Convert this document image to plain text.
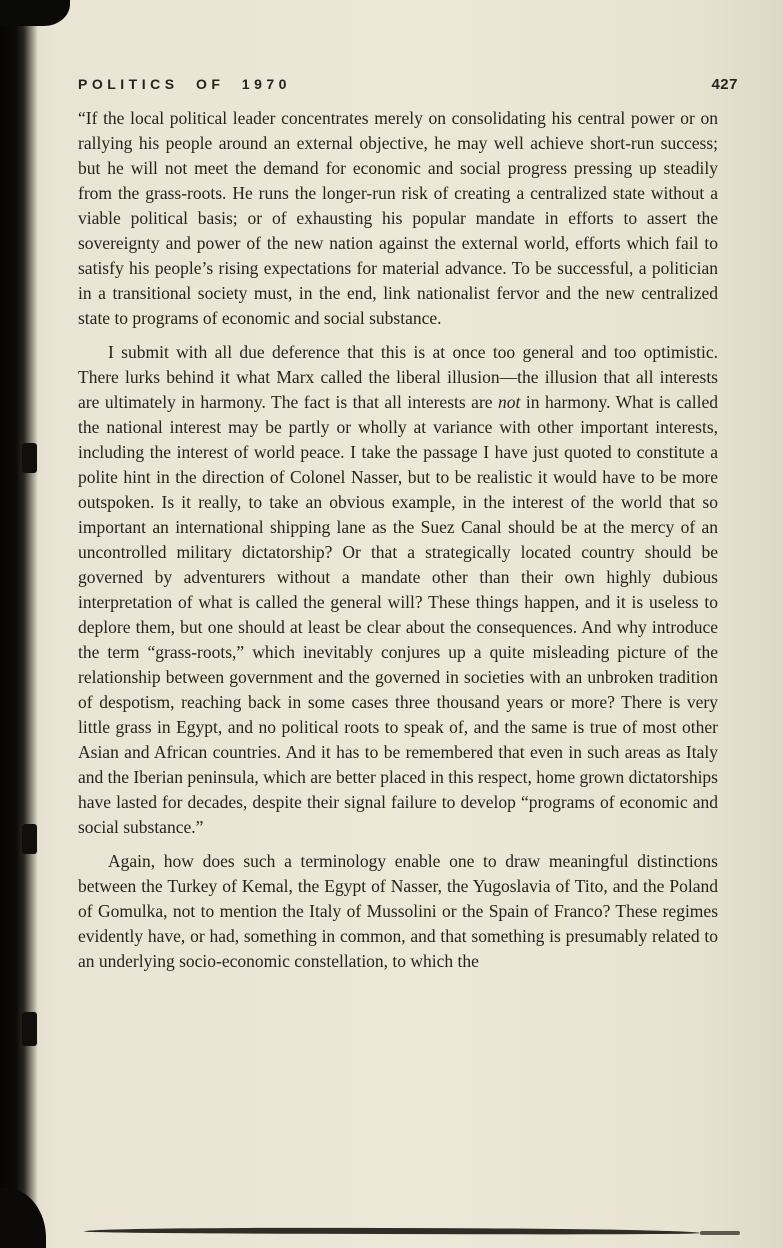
POLITICS OF 1970	427

“If the local political leader concentrates merely on consolidating his central power or on rallying his people around an external objective, he may well achieve short-run success; but he will not meet the demand for economic and social progress pressing up steadily from the grass-roots. He runs the longer-run risk of creating a centralized state without a viable political basis; or of exhausting his popular mandate in efforts to assert the sovereignty and power of the new nation against the external world, efforts which fail to satisfy his people’s rising expectations for material advance. To be successful, a politician in a transitional society must, in the end, link nationalist fervor and the new centralized state to programs of economic and social substance.

I submit with all due deference that this is at once too general and too optimistic. There lurks behind it what Marx called the liberal illusion—the illusion that all interests are ultimately in harmony. The fact is that all interests are not in harmony. What is called the national interest may be partly or wholly at variance with other important interests, including the interest of world peace. I take the passage I have just quoted to constitute a polite hint in the direction of Colonel Nasser, but to be realistic it would have to be more outspoken. Is it really, to take an obvious example, in the interest of the world that so important an international shipping lane as the Suez Canal should be at the mercy of an uncontrolled military dictatorship? Or that a strategically located country should be governed by adventurers without a mandate other than their own highly dubious interpretation of what is called the general will? These things happen, and it is useless to deplore them, but one should at least be clear about the consequences. And why introduce the term “grass-roots,” which inevitably conjures up a quite misleading picture of the relationship between government and the governed in societies with an unbroken tradition of despotism, reaching back in some cases three thousand years or more? There is very little grass in Egypt, and no political roots to speak of, and the same is true of most other Asian and African countries. And it has to be remembered that even in such areas as Italy and the Iberian peninsula, which are better placed in this respect, home grown dictatorships have lasted for decades, despite their signal failure to develop “programs of economic and social substance.”

Again, how does such a terminology enable one to draw meaningful distinctions between the Turkey of Kemal, the Egypt of Nasser, the Yugoslavia of Tito, and the Poland of Gomulka, not to mention the Italy of Mussolini or the Spain of Franco? These regimes evidently have, or had, something in common, and that something is presumably related to an underlying socio-economic constellation, to which the
